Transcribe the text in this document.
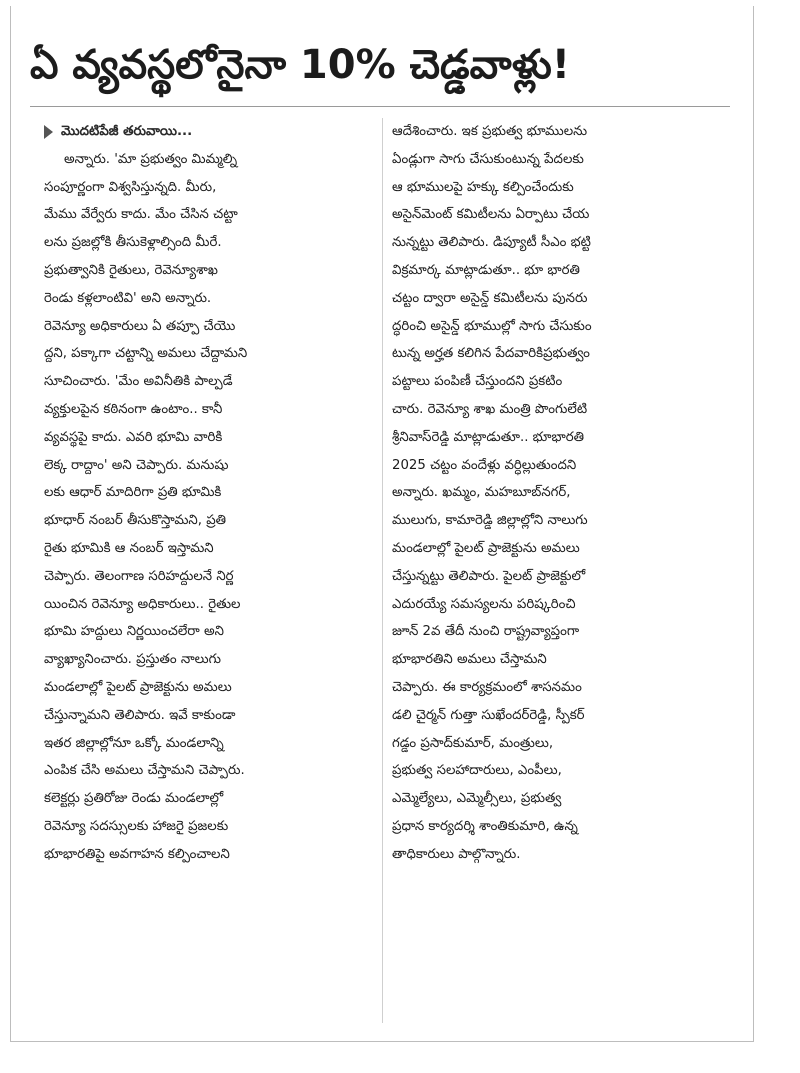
ఏ వ్యవస్థలోనైనా 10% చెడ్డవాళ్లు!
మొదటిపేజీ తరువాయి...
అన్నారు. 'మా ప్రభుత్వం మిమ్మల్ని
సంపూర్ణంగా విశ్వసిస్తున్నది. మీరు,
మేము వేర్వేరు కాదు. మేం చేసిన చట్టా
లను ప్రజల్లోకి తీసుకెళ్లాల్సింది మీరే.
ప్రభుత్వానికి రైతులు, రెవెన్యూశాఖ
రెండు కళ్లలాంటివి' అని అన్నారు.
రెవెన్యూ అధికారులు ఏ తప్పూ చేయొ
ద్దని, పక్కాగా చట్టాన్ని అమలు చేద్దామని
సూచించారు. 'మేం అవినీతికి పాల్పడే
వ్యక్తులపైన కఠినంగా ఉంటాం.. కానీ
వ్యవస్థపై కాదు. ఎవరి భూమి వారికి
లెక్క రాద్దాం' అని చెప్పారు. మనుషు
లకు ఆధార్ మాదిరిగా ప్రతి భూమికి
భూధార్ నంబర్ తీసుకొస్తామని, ప్రతి
రైతు భూమికి ఆ నంబర్ ఇస్తామని
చెప్పారు. తెలంగాణ సరిహద్దులనే నిర్ణ
యించిన రెవెన్యూ అధికారులు.. రైతుల
భూమి హద్దులు నిర్ణయించలేరా అని
వ్యాఖ్యానించారు. ప్రస్తుతం నాలుగు
మండలాల్లో పైలట్ ప్రాజెక్టును అమలు
చేస్తున్నామని తెలిపారు. ఇవే కాకుండా
ఇతర జిల్లాల్లోనూ ఒక్కో మండలాన్ని
ఎంపిక చేసి అమలు చేస్తామని చెప్పారు.
కలెక్టర్లు ప్రతిరోజు రెండు మండలాల్లో
రెవెన్యూ సదస్సులకు హాజరై ప్రజలకు
భూభారతిపై అవగాహన కల్పించాలని
ఆదేశించారు. ఇక ప్రభుత్వ భూములను
ఏండ్లుగా సాగు చేసుకుంటున్న పేదలకు
ఆ భూములపై హక్కు కల్పించేందుకు
అసైన్‌మెంట్ కమిటీలను ఏర్పాటు చేయ
నున్నట్టు తెలిపారు. డిప్యూటీ సీఎం భట్టి
విక్రమార్క మాట్లాడుతూ.. భూ భారతి
చట్టం ద్వారా అసైన్డ్ కమిటీలను పునరు
ద్ధరించి అసైన్డ్ భూముల్లో సాగు చేసుకుం
టున్న అర్హత కలిగిన పేదవారికిప్రభుత్వం
పట్టాలు పంపిణీ చేస్తుందని ప్రకటిం
చారు. రెవెన్యూ శాఖ మంత్రి పొంగులేటి
శ్రీనివాస్‌రెడ్డి మాట్లాడుతూ.. భూభారతి
2025 చట్టం వందేళ్లు వర్ధిల్లుతుందని
అన్నారు. ఖమ్మం, మహబూబ్‌నగర్,
ములుగు, కామారెడ్డి జిల్లాల్లోని నాలుగు
మండలాల్లో పైలట్ ప్రాజెక్టును అమలు
చేస్తున్నట్టు తెలిపారు. పైలట్ ప్రాజెక్టులో
ఎదురయ్యే సమస్యలను పరిష్కరించి
జూన్ 2వ తేదీ నుంచి రాష్ట్రవ్యాప్తంగా
భూభారతిని అమలు చేస్తామని
చెప్పారు. ఈ కార్యక్రమంలో శాసనమం
డలి చైర్మన్ గుత్తా సుఖేందర్‌రెడ్డి, స్పీకర్
గడ్డం ప్రసాద్‌కుమార్, మంత్రులు,
ప్రభుత్వ సలహాదారులు, ఎంపీలు,
ఎమ్మెల్యేలు, ఎమ్మెల్సీలు, ప్రభుత్వ
ప్రధాన కార్యదర్శి శాంతికుమారి, ఉన్న
తాధికారులు పాల్గొన్నారు.
